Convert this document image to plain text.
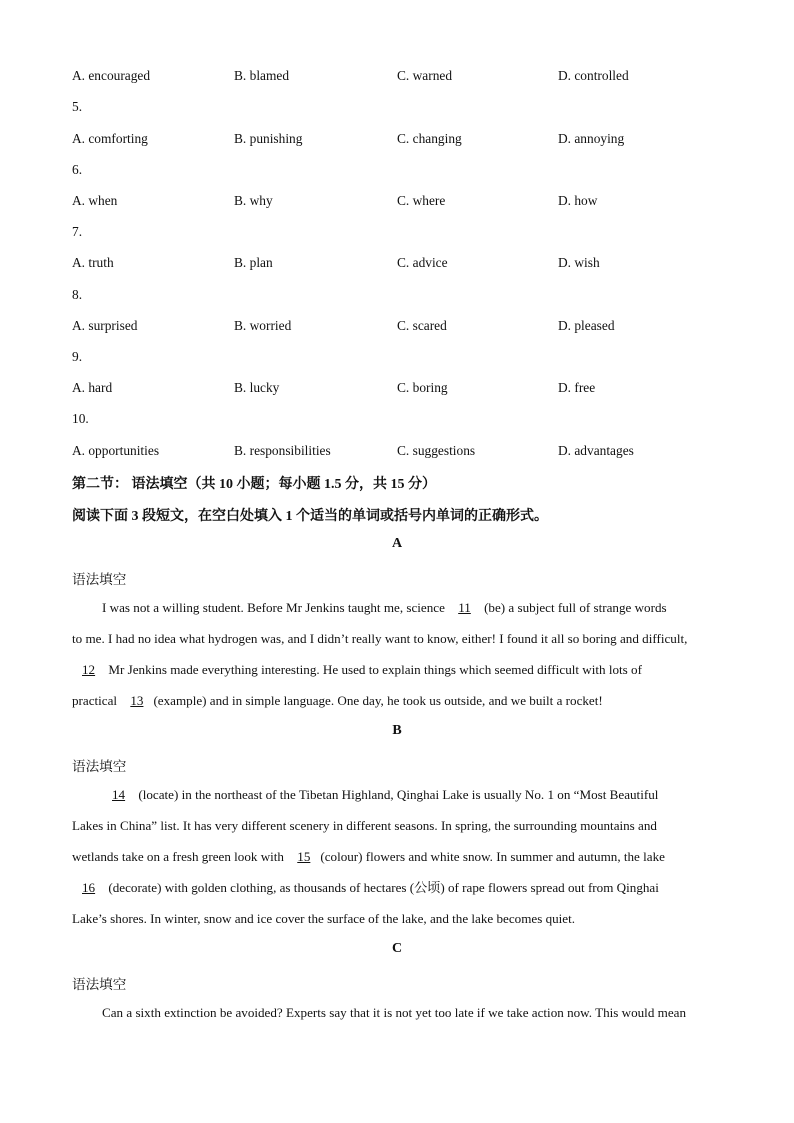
A. encouraged	B. blamed	C. warned	D. controlled
5.
A. comforting	B. punishing	C. changing	D. annoying
6.
A. when	B. why	C. where	D. how
7.
A. truth	B. plan	C. advice	D. wish
8.
A. surprised	B. worried	C. scared	D. pleased
9.
A. hard	B. lucky	C. boring	D. free
10.
A. opportunities	B. responsibilities	C. suggestions	D. advantages
第二节： 语法填空（共 10 小题；每小题 1.5 分，共 15 分）
阅读下面 3 段短文，在空白处填入 1 个适当的单词或括号内单词的正确形式。
A
语法填空
I was not a willing student. Before Mr Jenkins taught me, science 11 (be) a subject full of strange words
to me. I had no idea what hydrogen was, and I didn’t really want to know, either! I found it all so boring and difficult,
12 Mr Jenkins made everything interesting. He used to explain things which seemed difficult with lots of
practical 13 (example) and in simple language. One day, he took us outside, and we built a rocket!
B
语法填空
14 (locate) in the northeast of the Tibetan Highland, Qinghai Lake is usually No. 1 on “Most Beautiful
Lakes in China” list. It has very different scenery in different seasons. In spring, the surrounding mountains and
wetlands take on a fresh green look with 15 (colour) flowers and white snow. In summer and autumn, the lake
16 (decorate) with golden clothing, as thousands of hectares (公顷) of rape flowers spread out from Qinghai
Lake’s shores. In winter, snow and ice cover the surface of the lake, and the lake becomes quiet.
C
语法填空
Can a sixth extinction be avoided? Experts say that it is not yet too late if we take action now. This would mean
